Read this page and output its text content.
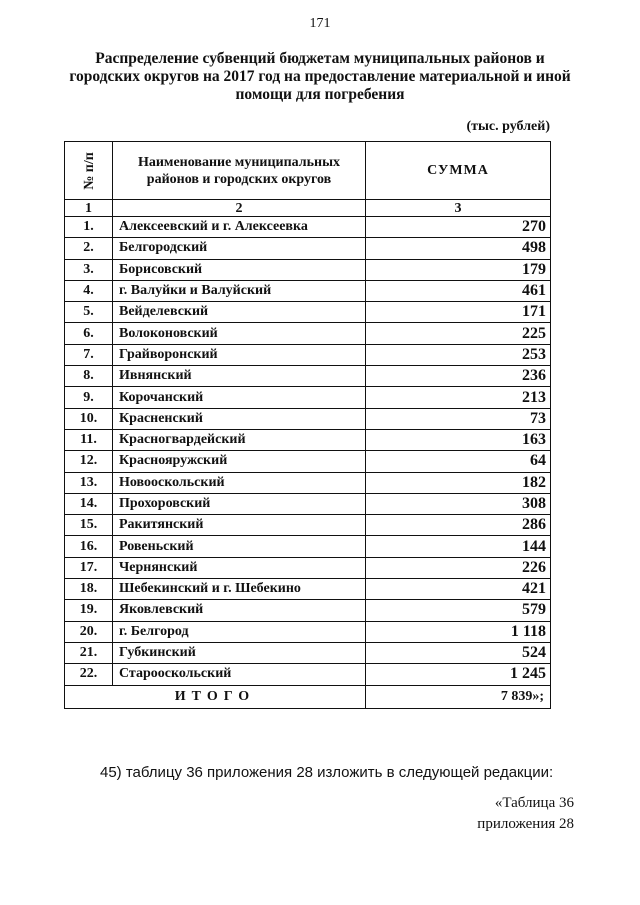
171
Распределение субвенций бюджетам муниципальных районов и городских округов на 2017 год на предоставление материальной и иной помощи для погребения
(тыс. рублей)
№ п/п	Наименование муниципальных районов и городских округов	СУММА
1	2	3
1.	Алексеевский и г. Алексеевка	270
2.	Белгородский	498
3.	Борисовский	179
4.	г. Валуйки и Валуйский	461
5.	Вейделевский	171
6.	Волоконовский	225
7.	Грайворонский	253
8.	Ивнянский	236
9.	Корочанский	213
10.	Красненский	73
11.	Красногвардейский	163
12.	Краснояружский	64
13.	Новооскольский	182
14.	Прохоровский	308
15.	Ракитянский	286
16.	Ровеньский	144
17.	Чернянский	226
18.	Шебекинский и г. Шебекино	421
19.	Яковлевский	579
20.	г. Белгород	1 118
21.	Губкинский	524
22.	Старооскольский	1 245
ИТОГО		7 839»;
45) таблицу 36 приложения 28 изложить в следующей редакции:
«Таблица 36
приложения 28
